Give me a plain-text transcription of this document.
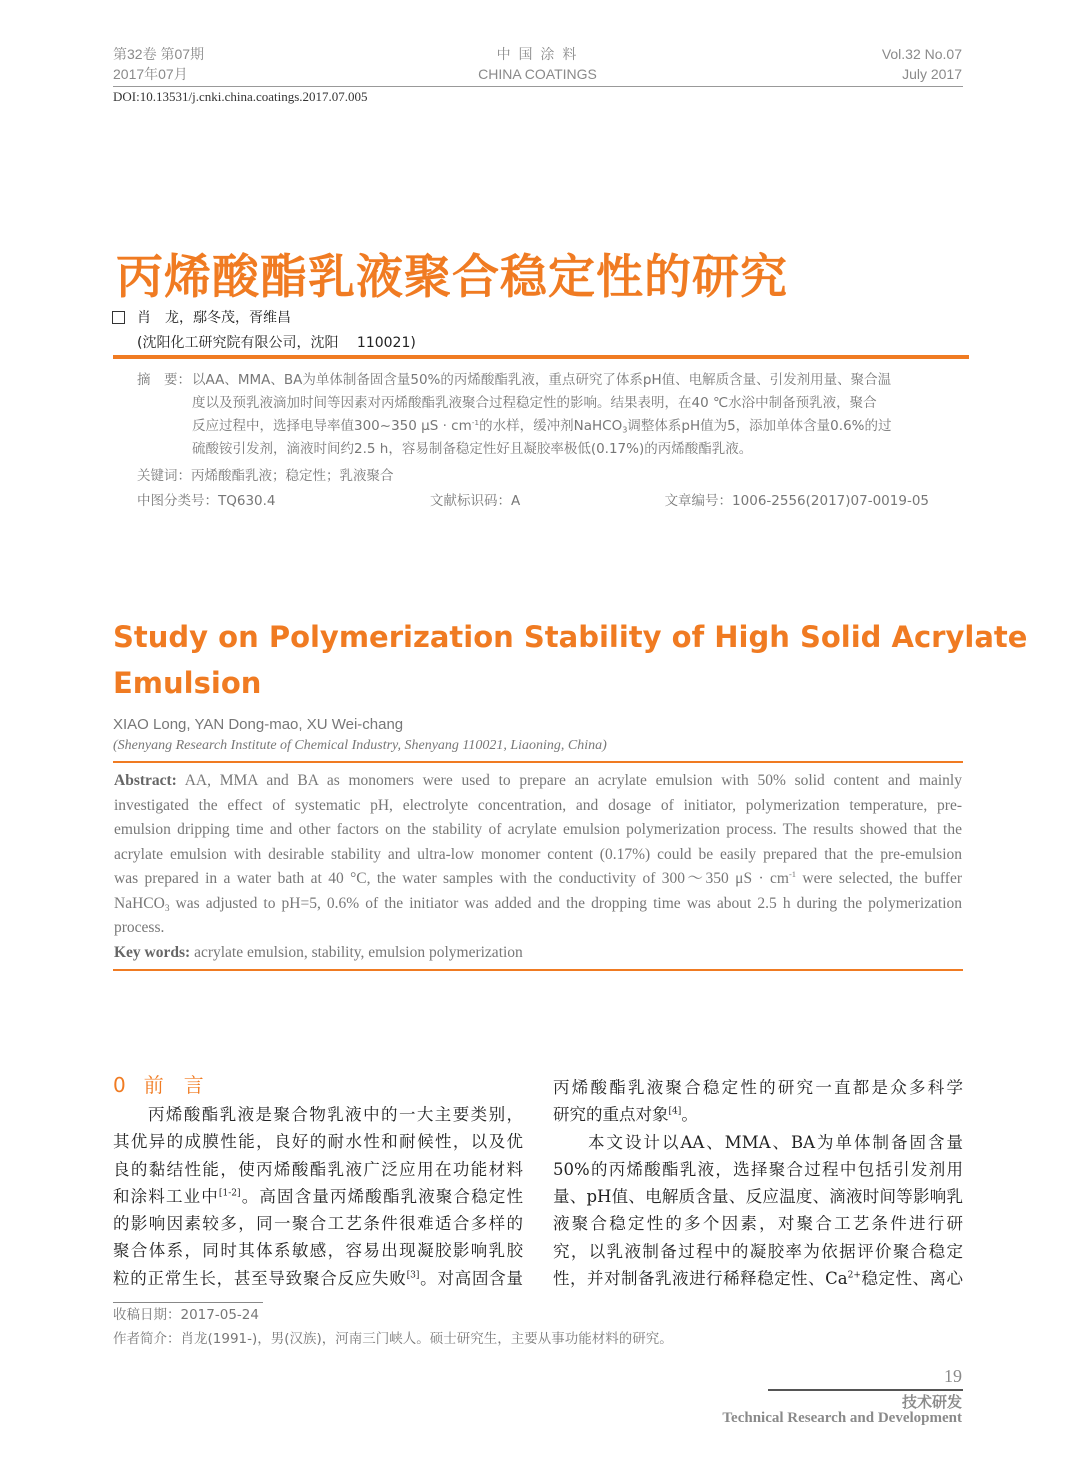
第32卷 第07期
2017年07月
中 国 涂 料
CHINA COATINGS
Vol.32 No.07
July 2017
DOI:10.13531/j.cnki.china.coatings.2017.07.005
丙烯酸酯乳液聚合稳定性的研究
肖　龙，鄢冬茂，胥维昌
(沈阳化工研究院有限公司，沈阳　 110021)
摘　要： 以AA、MMA、BA为单体制备固含量50%的丙烯酸酯乳液，重点研究了体系pH值、电解质含量、引发剂用量、聚合温
度以及预乳液滴加时间等因素对丙烯酸酯乳液聚合过程稳定性的影响。结果表明，在40 ℃水浴中制备预乳液，聚合
反应过程中，选择电导率值300~350 $\mu S \cdot cm^{-1}$的水样，缓冲剂NaHCO$_3$调整体系pH值为5，添加单体含量0.6%的过
硫酸铵引发剂，滴液时间约2.5 h，容易制备稳定性好且凝胶率极低(0.17%)的丙烯酸酯乳液。
关键词：丙烯酸酯乳液；稳定性；乳液聚合
中图分类号：TQ630.4	文献标识码：A	文章编号：1006-2556(2017)07-0019-05
Study on Polymerization Stability of High Solid Acrylate
Emulsion
XIAO Long, YAN Dong-mao, XU Wei-chang
(Shenyang Research Institute of Chemical Industry, Shenyang 110021, Liaoning, China)
Abstract: AA, MMA and BA as monomers were used to prepare an acrylate emulsion with 50% solid content and mainly
investigated the effect of systematic pH, electrolyte concentration, and dosage of initiator, polymerization temperature, pre-
emulsion dripping time and other factors on the stability of acrylate emulsion polymerization process. The results showed that the
acrylate emulsion with desirable stability and ultra-low monomer content (0.17%) could be easily prepared that the pre-emulsion
was prepared in a water bath at 40 °C, the water samples with the conductivity of 300～350 $\mu S \cdot cm^{-1}$ were selected, the buffer
NaHCO$_3$ was adjusted to pH=5, 0.6% of the initiator was added and the dropping time was about 2.5 h during the polymerization
process.
Key words: acrylate emulsion, stability, emulsion polymerization
0 前　言
丙烯酸酯乳液是聚合物乳液中的一大主要类别，
其优异的成膜性能，良好的耐水性和耐候性，以及优
良的黏结性能，使丙烯酸酯乳液广泛应用在功能材料
和涂料工业中[1-2]。高固含量丙烯酸酯乳液聚合稳定性
的影响因素较多，同一聚合工艺条件很难适合多样的
聚合体系，同时其体系敏感，容易出现凝胶影响乳胶
粒的正常生长，甚至导致聚合反应失败[3]。对高固含量
丙烯酸酯乳液聚合稳定性的研究一直都是众多科学
研究的重点对象[4]。
本文设计以AA、MMA、BA为单体制备固含量
50%的丙烯酸酯乳液，选择聚合过程中包括引发剂用
量、pH值、电解质含量、反应温度、滴液时间等影响乳
液聚合稳定性的多个因素，对聚合工艺条件进行研
究，以乳液制备过程中的凝胶率为依据评价聚合稳定
性，并对制备乳液进行稀释稳定性、$Ca^{2+}$稳定性、离心
收稿日期：2017-05-24
作者简介：肖龙(1991-)，男(汉族)，河南三门峡人。硕士研究生，主要从事功能材料的研究。
19
技术研发
Technical Research and Development
